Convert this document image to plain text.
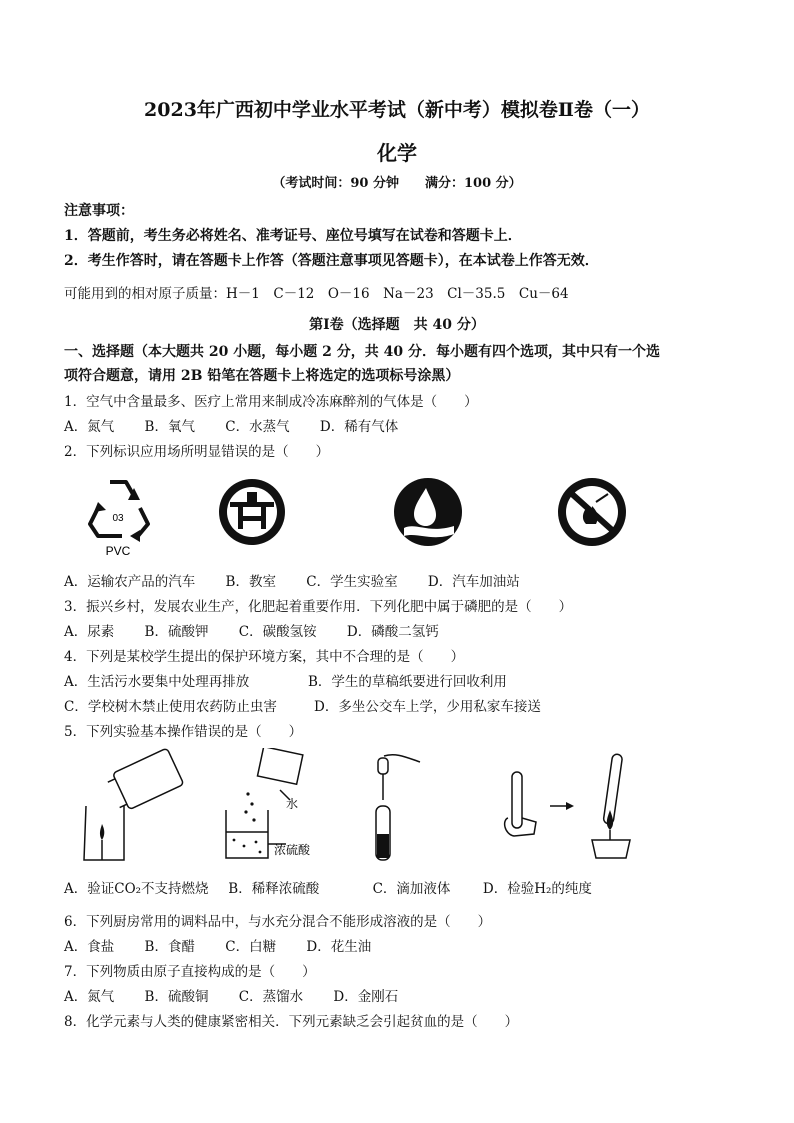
2023年广西初中学业水平考试（新中考）模拟卷Ⅱ卷（一）
化学
（考试时间：90 分钟　　满分：100 分）
注意事项：
1．答题前，考生务必将姓名、准考证号、座位号填写在试卷和答题卡上．
2．考生作答时，请在答题卡上作答（答题注意事项见答题卡），在本试卷上作答无效．
可能用到的相对原子质量：H－1　C－12　O－16　Na－23　Cl－35.5　Cu－64
第Ⅰ卷（选择题　共 40 分）
一、选择题（本大题共 20 小题，每小题 2 分，共 40 分．每小题有四个选项，其中只有一个选
项符合题意，请用 2B 铅笔在答题卡上将选定的选项标号涂黑）
1．空气中含量最多、医疗上常用来制成冷冻麻醉剂的气体是（　　）
A．氮气 B．氧气 C．水蒸气 D．稀有气体
2．下列标识应用场所明显错误的是（　　）
03
PVC
A．运输农产品的汽车 B．教室 C．学生实验室 D．汽车加油站
3．振兴乡村，发展农业生产，化肥起着重要作用．下列化肥中属于磷肥的是（　　）
A．尿素 B．硫酸钾 C．碳酸氢铵 D．磷酸二氢钙
4．下列是某校学生提出的保护环境方案，其中不合理的是（　　）
A．生活污水要集中处理再排放	B．学生的草稿纸要进行回收利用
C．学校树木禁止使用农药防止虫害	D．多坐公交车上学，少用私家车接送
5．下列实验基本操作错误的是（　　）
水
浓硫酸
A．验证CO₂不支持燃烧 B．稀释浓硫酸	C．滴加液体 D．检验H₂的纯度
6．下列厨房常用的调料品中，与水充分混合不能形成溶液的是（　　）
A．食盐 B．食醋 C．白糖 D．花生油
7．下列物质由原子直接构成的是（　　）
A．氮气 B．硫酸铜 C．蒸馏水 D．金刚石
8．化学元素与人类的健康紧密相关．下列元素缺乏会引起贫血的是（　　）
